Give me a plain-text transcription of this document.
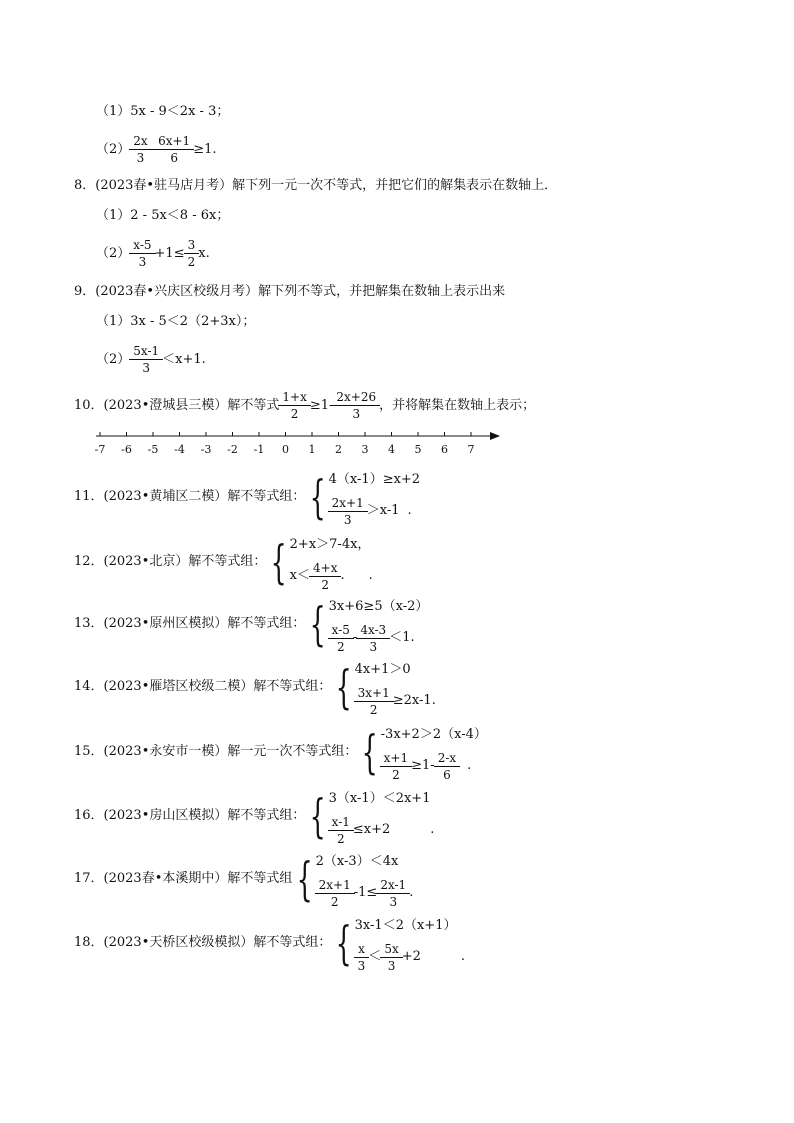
（1） 5x - 9＜2x - 3；
$(2) \frac{2x}{3} - \frac{6x+1}{6} \ge 1$.
8．(2023春•驻马店月考）解下列一元一次不等式，并把它们的解集表示在数轴上．
（1） 2 - 5x＜8 - 6x；
$(2) \frac{x-5}{3} +1\le \frac{3}{2} x$.
9．(2023春•兴庆区校级月考）解下列不等式，并把解集在数轴上表示出来
（1） 3x - 5＜2（2+3x）；
$(2) \frac{5x-1}{3} <x+1$.
10．(2023•澄城县三模）解不等式 $\frac{1+x}{2} \ge 1- \frac{2x+26}{3}$ ，并将解集在数轴上表示；
-7 -6 -5 -4 -3 -2 -1 0 1 2 3 4 5 6 7
11．(2023•黄埔区二模）解不等式组： { 4（x-1）≥x+2
$\frac{2x+1}{3} >x-1$ .
12．(2023•北京）解不等式组： { 2+x＞7-4x，
$x< \frac{4+x}{2}$ . .
13．(2023•原州区模拟）解不等式组： { 3x+6≥5（x-2）
$\frac{x-5}{2} - \frac{4x-3}{3} <1$ .
14．(2023•雁塔区校级二模）解不等式组： { 4x+1＞0
$\frac{3x+1}{2} \ge 2x-1$ .
15．(2023•永安市一模）解一元一次不等式组： { -3x+2＞2（x-4）
$\frac{x+1}{2} \ge 1- \frac{2-x}{6}$ .
16．(2023•房山区模拟）解不等式组： { 3（x-1）＜2x+1
$\frac{x-1}{2} \le x+2$	.
17．(2023春•本溪期中）解不等式组 { 2（x-3）＜4x
$\frac{2x+1}{2} -1\le \frac{2x-1}{3}$ .
18．(2023•天桥区校级模拟）解不等式组： { 3x-1＜2（x+1）
$\frac{x}{3} < \frac{5x}{3} +2$	.
